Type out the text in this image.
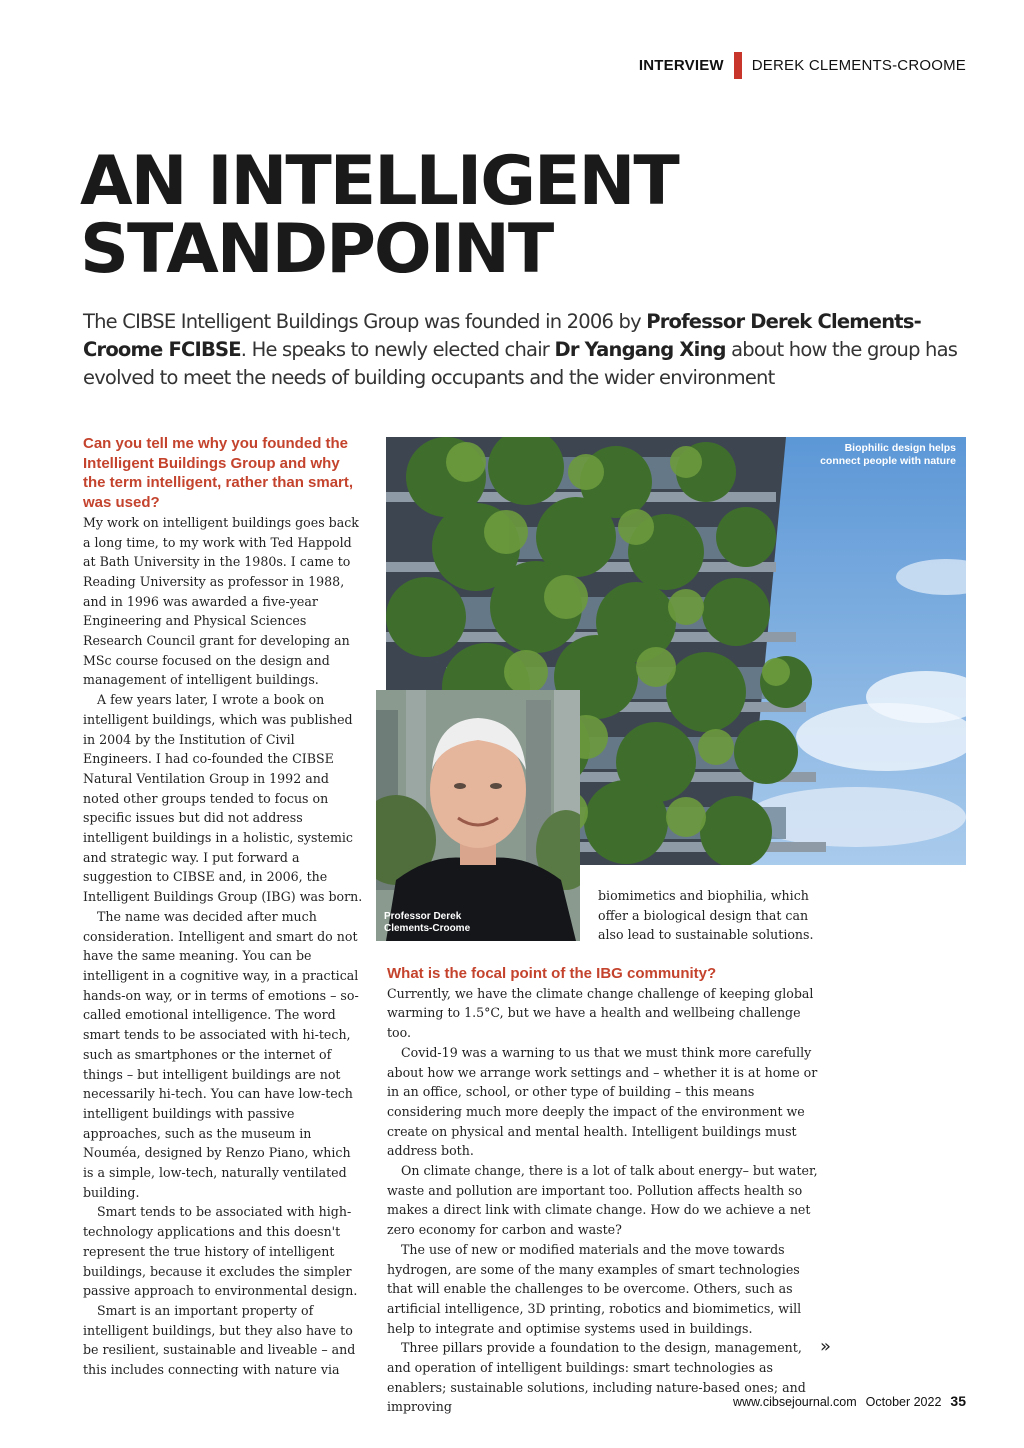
INTERVIEW DEREK CLEMENTS-CROOME
AN INTELLIGENT
STANDPOINT

The CIBSE Intelligent Buildings Group was founded in 2006 by Professor Derek Clements-Croome FCIBSE. He speaks to newly elected chair Dr Yangang Xing about how the group has evolved to meet the needs of building occupants and the wider environment

Can you tell me why you founded the Intelligent Buildings Group and why the term intelligent, rather than smart, was used?

My work on intelligent buildings goes back a long time, to my work with Ted Happold at Bath University in the 1980s. I came to Reading University as professor in 1988, and in 1996 was awarded a five-year Engineering and Physical Sciences Research Council grant for developing an MSc course focused on the design and management of intelligent buildings.

A few years later, I wrote a book on intelligent buildings, which was published in 2004 by the Institution of Civil Engineers. I had co-founded the CIBSE Natural Ventilation Group in 1992 and noted other groups tended to focus on specific issues but did not address intelligent buildings in a holistic, systemic and strategic way. I put forward a suggestion to CIBSE and, in 2006, the Intelligent Buildings Group (IBG) was born.

The name was decided after much consideration. Intelligent and smart do not have the same meaning. You can be intelligent in a cognitive way, in a practical hands-on way, or in terms of emotions – so-called emotional intelligence. The word smart tends to be associated with hi-tech, such as smartphones or the internet of things – but intelligent buildings are not necessarily hi-tech. You can have low-tech intelligent buildings with passive approaches, such as the museum in Nouméa, designed by Renzo Piano, which is a simple, low-tech, naturally ventilated building.

Smart tends to be associated with high-technology applications and this doesn't represent the true history of intelligent buildings, because it excludes the simpler passive approach to environmental design.

Smart is an important property of intelligent buildings, but they also have to be resilient, sustainable and liveable – and this includes connecting with nature via

Biophilic design helps connect people with nature
Professor Derek Clements-Croome

biomimetics and biophilia, which offer a biological design that can also lead to sustainable solutions.

What is the focal point of the IBG community?

Currently, we have the climate change challenge of keeping global warming to 1.5°C, but we have a health and wellbeing challenge too.

Covid-19 was a warning to us that we must think more carefully about how we arrange work settings and – whether it is at home or in an office, school, or other type of building – this means considering much more deeply the impact of the environment we create on physical and mental health. Intelligent buildings must address both.

On climate change, there is a lot of talk about energy– but water, waste and pollution are important too. Pollution affects health so makes a direct link with climate change. How do we achieve a net zero economy for carbon and waste?

The use of new or modified materials and the move towards hydrogen, are some of the many examples of smart technologies that will enable the challenges to be overcome. Others, such as artificial intelligence, 3D printing, robotics and biomimetics, will help to integrate and optimise systems used in buildings.

Three pillars provide a foundation to the design, management, and operation of intelligent buildings: smart technologies as enablers; sustainable solutions, including nature-based ones; and improving

»
www.cibsejournal.com October 2022 35
